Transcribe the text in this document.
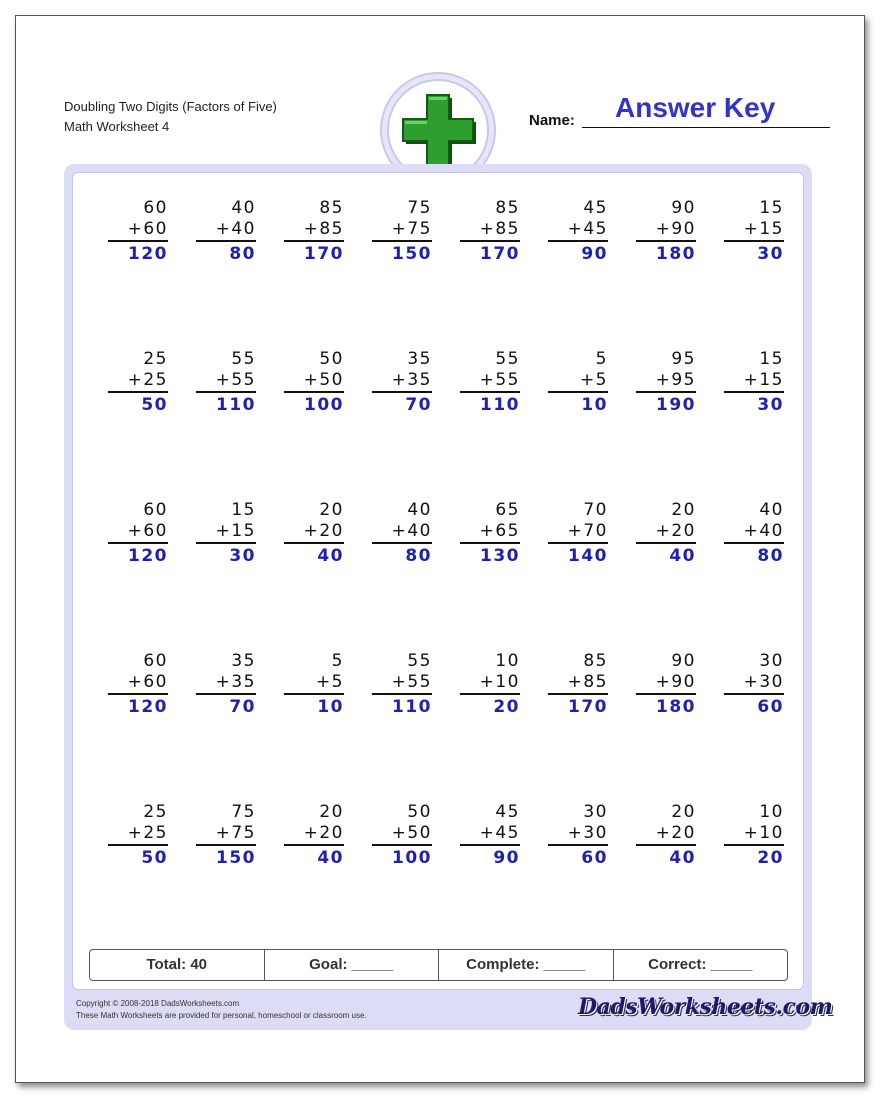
Doubling Two Digits (Factors of Five)
Math Worksheet 4	Name: Answer Key
60
+60
120
40
+40
80
85
+85
170
75
+75
150
85
+85
170
45
+45
90
90
+90
180
15
+15
30
25
+25
50
55
+55
110
50
+50
100
35
+35
70
55
+55
110
5
+5
10
95
+95
190
15
+15
30
60
+60
120
15
+15
30
20
+20
40
40
+40
80
65
+65
130
70
+70
140
20
+20
40
40
+40
80
60
+60
120
35
+35
70
5
+5
10
55
+55
110
10
+10
20
85
+85
170
90
+90
180
30
+30
60
25
+25
50
75
+75
150
20
+20
40
50
+50
100
45
+45
90
30
+30
60
20
+20
40
10
+10
20
Total: 40	Goal: _____	Complete: _____	Correct: _____
Copyright © 2008-2018 DadsWorksheets.com
These Math Worksheets are provided for personal, homeschool or classroom use.	DadsWorksheets.com
